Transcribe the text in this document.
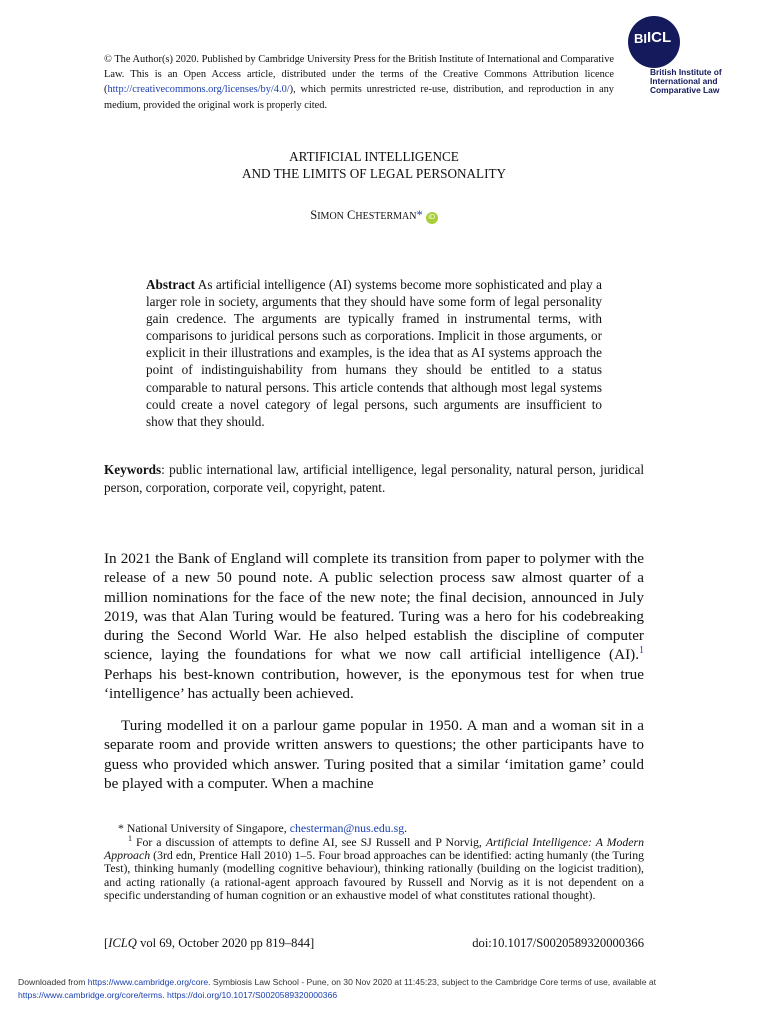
© The Author(s) 2020. Published by Cambridge University Press for the British Institute of International and Comparative Law. This is an Open Access article, distributed under the terms of the Creative Commons Attribution licence (http://creativecommons.org/licenses/by/4.0/), which permits unrestricted re-use, distribution, and reproduction in any medium, provided the original work is properly cited.
BI ICL
British Institute of
International and
Comparative Law
ARTIFICIAL INTELLIGENCE
AND THE LIMITS OF LEGAL PERSONALITY
SIMON CHESTERMAN* iD
Abstract As artificial intelligence (AI) systems become more sophisticated and play a larger role in society, arguments that they should have some form of legal personality gain credence. The arguments are typically framed in instrumental terms, with comparisons to juridical persons such as corporations. Implicit in those arguments, or explicit in their illustrations and examples, is the idea that as AI systems approach the point of indistinguishability from humans they should be entitled to a status comparable to natural persons. This article contends that although most legal systems could create a novel category of legal persons, such arguments are insufficient to show that they should.
Keywords: public international law, artificial intelligence, legal personality, natural person, juridical person, corporation, corporate veil, copyright, patent.
In 2021 the Bank of England will complete its transition from paper to polymer with the release of a new 50 pound note. A public selection process saw almost quarter of a million nominations for the face of the new note; the final decision, announced in July 2019, was that Alan Turing would be featured. Turing was a hero for his codebreaking during the Second World War. He also helped establish the discipline of computer science, laying the foundations for what we now call artificial intelligence (AI).$^1$ Perhaps his best-known contribution, however, is the eponymous test for when true ‘intelligence’ has actually been achieved.
Turing modelled it on a parlour game popular in 1950. A man and a woman sit in a separate room and provide written answers to questions; the other participants have to guess who provided which answer. Turing posited that a similar ‘imitation game’ could be played with a computer. When a machine
* National University of Singapore, chesterman@nus.edu.sg.
$^1$ For a discussion of attempts to define AI, see SJ Russell and P Norvig, Artificial Intelligence: A Modern Approach (3rd edn, Prentice Hall 2010) 1–5. Four broad approaches can be identified: acting humanly (the Turing Test), thinking humanly (modelling cognitive behaviour), thinking rationally (building on the logicist tradition), and acting rationally (a rational-agent approach favoured by Russell and Norvig as it is not dependent on a specific understanding of human cognition or an exhaustive model of what constitutes rational thought).
[ICLQ vol 69, October 2020 pp 819–844]	doi:10.1017/S0020589320000366
Downloaded from https://www.cambridge.org/core. Symbiosis Law School - Pune, on 30 Nov 2020 at 11:45:23, subject to the Cambridge Core terms of use, available at https://www.cambridge.org/core/terms. https://doi.org/10.1017/S0020589320000366
